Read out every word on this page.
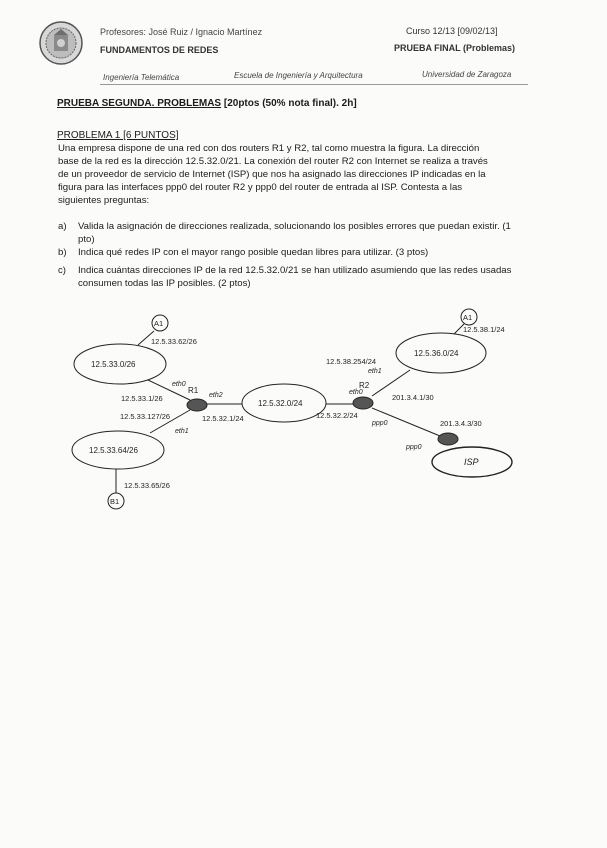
Profesores: José Ruiz / Ignacio Martínez
FUNDAMENTOS DE REDES
Curso 12/13 [09/02/13]
PRUEBA FINAL (Problemas)
Ingeniería Telemática	Escuela de Ingeniería y Arquitectura	Universidad de Zaragoza
PRUEBA SEGUNDA. PROBLEMAS [20ptos (50% nota final). 2h]
PROBLEMA 1 [6 PUNTOS]
Una empresa dispone de una red con dos routers R1 y R2, tal como muestra la figura. La dirección
base de la red es la dirección 12.5.32.0/21. La conexión del router R2 con Internet se realiza a través
de un proveedor de servicio de Internet (ISP) que nos ha asignado las direcciones IP indicadas en la
figura para las interfaces ppp0 del router R2 y ppp0 del router de entrada al ISP. Contesta a las
siguientes preguntas:
a) Valida la asignación de direcciones realizada, solucionando los posibles errores que puedan existir. (1 pto)
b) Indica qué redes IP con el mayor rango posible quedan libres para utilizar. (3 ptos)
c) Indica cuántas direcciones IP de la red 12.5.32.0/21 se han utilizado asumiendo que las redes usadas consumen todas las IP posibles. (2 ptos)
12.5.33.0/26
12.5.33.64/26
12.5.32.0/24
12.5.36.0/24
ISP
A1
12.5.33.62/26
B1
12.5.33.65/26
A1
12.5.38.1/24
R1
eth0
12.5.33.1/26
12.5.33.127/26
eth1
eth2
12.5.32.1/24
R2
eth0
12.5.32.2/24
12.5.38.254/24
eth1
201.3.4.1/30
ppp0	201.3.4.3/30
ppp0
